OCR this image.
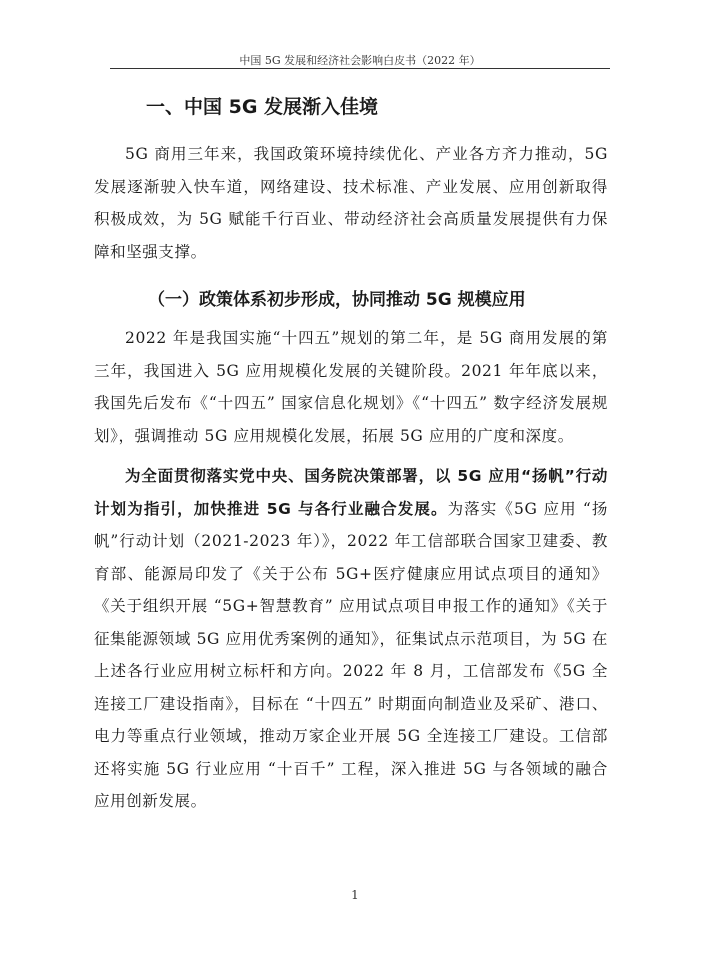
中国 5G 发展和经济社会影响白皮书（2022 年）
一、中国 5G 发展渐入佳境

5G 商用三年来，我国政策环境持续优化、产业各方齐力推动，5G 发展逐渐驶入快车道，网络建设、技术标准、产业发展、应用创新取得积极成效，为 5G 赋能千行百业、带动经济社会高质量发展提供有力保障和坚强支撑。

（一）政策体系初步形成，协同推动 5G 规模应用

2022 年是我国实施“十四五”规划的第二年，是 5G 商用发展的第三年，我国进入 5G 应用规模化发展的关键阶段。2021 年年底以来，我国先后发布《“十四五” 国家信息化规划》《“十四五” 数字经济发展规划》，强调推动 5G 应用规模化发展，拓展 5G 应用的广度和深度。

为全面贯彻落实党中央、国务院决策部署，以 5G 应用“扬帆”行动计划为指引，加快推进 5G 与各行业融合发展。为落实《5G 应用 “扬帆”行动计划（2021-2023 年）》，2022 年工信部联合国家卫建委、教育部、能源局印发了《关于公布 5G+医疗健康应用试点项目的通知》《关于组织开展 “5G+智慧教育” 应用试点项目申报工作的通知》《关于征集能源领域 5G 应用优秀案例的通知》，征集试点示范项目，为 5G 在上述各行业应用树立标杆和方向。2022 年 8 月，工信部发布《5G 全连接工厂建设指南》，目标在 “十四五” 时期面向制造业及采矿、港口、电力等重点行业领域，推动万家企业开展 5G 全连接工厂建设。工信部还将实施 5G 行业应用 “十百千” 工程，深入推进 5G 与各领域的融合应用创新发展。

1
